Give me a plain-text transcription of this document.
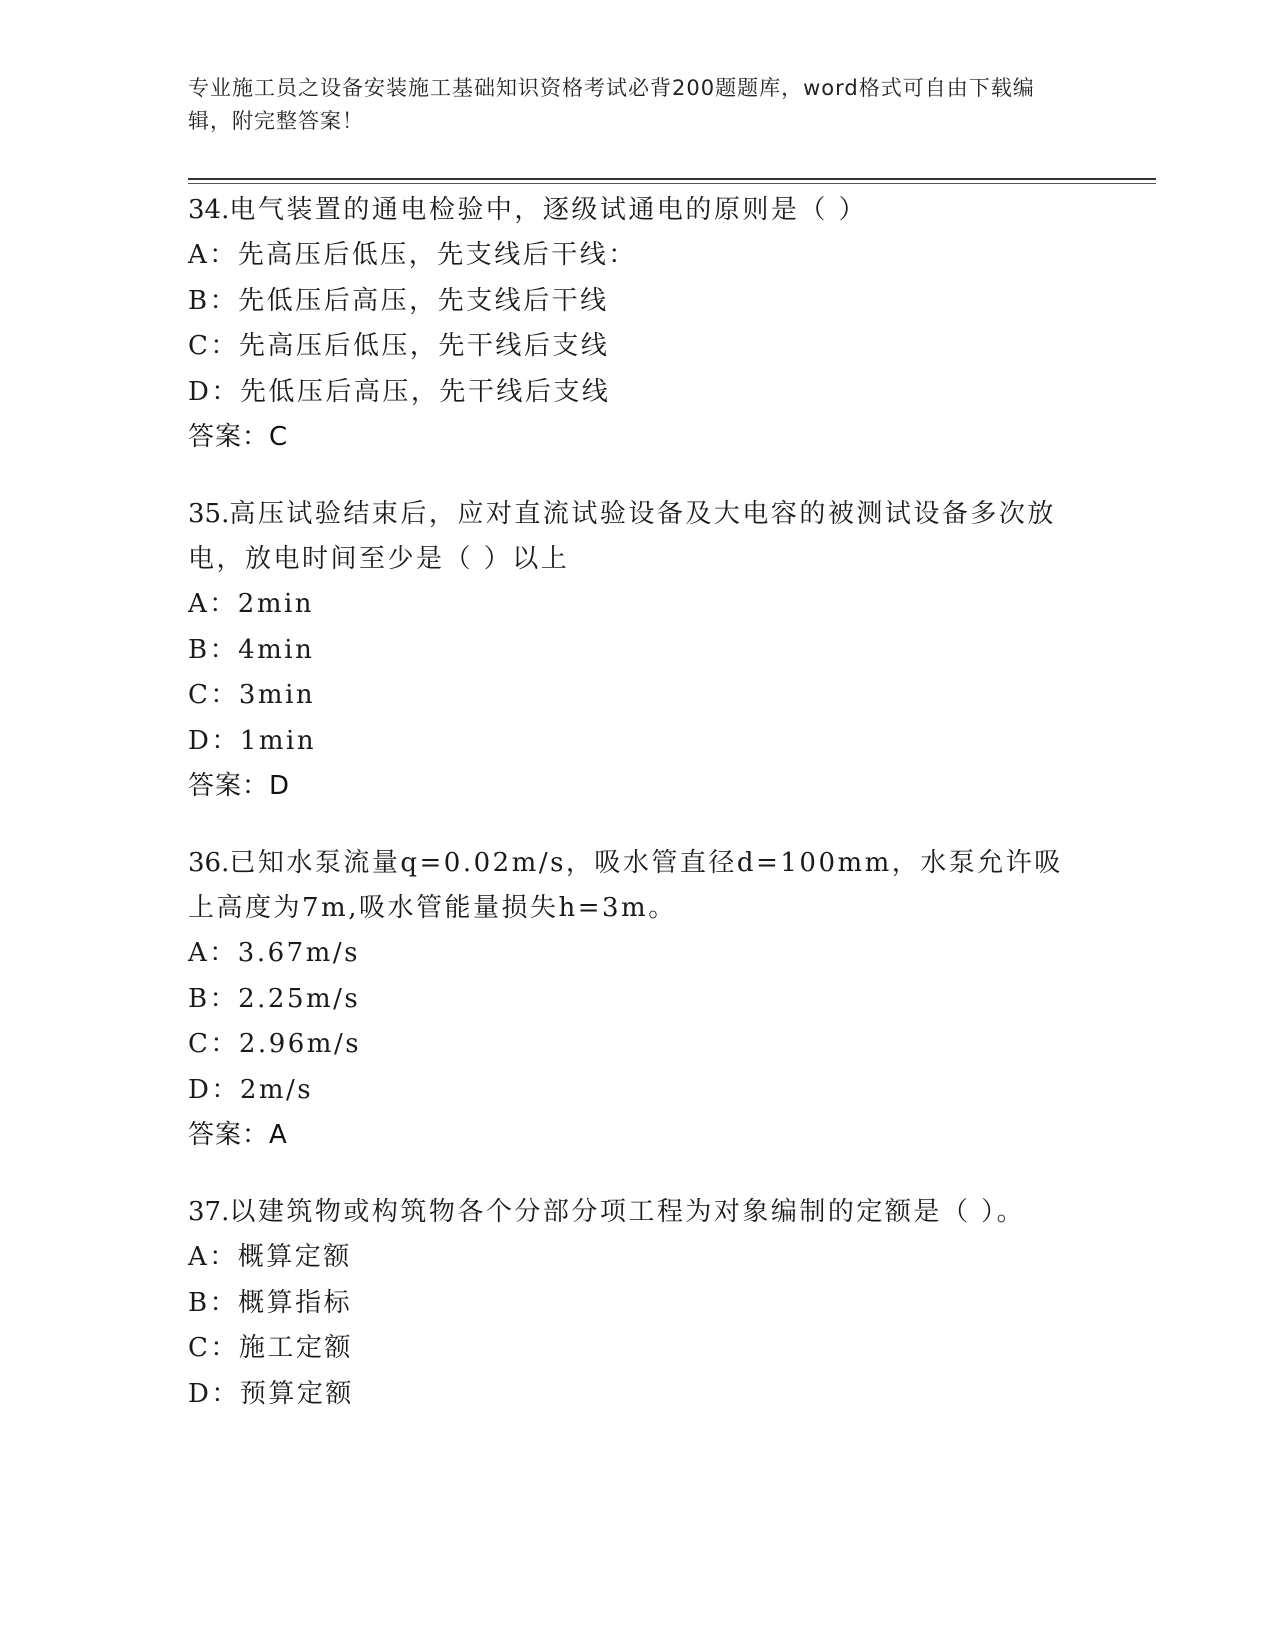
专业施工员之设备安装施工基础知识资格考试必背200题题库，word格式可自由下载编辑，附完整答案！
34.电气装置的通电检验中，逐级试通电的原则是（ ）
A：先高压后低压，先支线后干线：
B：先低压后高压，先支线后干线
C：先高压后低压，先干线后支线
D：先低压后高压，先干线后支线
答案：C
35.高压试验结束后，应对直流试验设备及大电容的被测试设备多次放电，放电时间至少是（ ）以上
A：2min
B：4min
C：3min
D：1min
答案：D
36.已知水泵流量q=0.02m/s，吸水管直径d=100mm，水泵允许吸上高度为7m,吸水管能量损失h=3m。
A：3.67m/s
B：2.25m/s
C：2.96m/s
D：2m/s
答案：A
37.以建筑物或构筑物各个分部分项工程为对象编制的定额是（ ）。
A：概算定额
B：概算指标
C：施工定额
D：预算定额
